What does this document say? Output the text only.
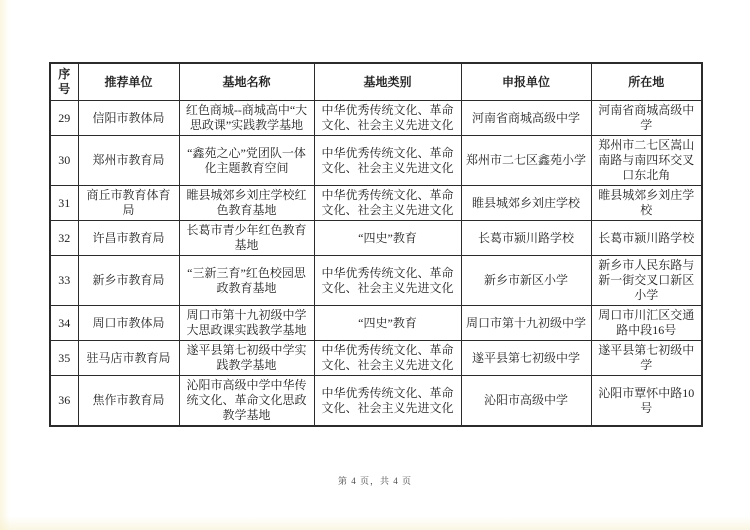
序号	推荐单位	基地名称	基地类别	申报单位	所在地
29	信阳市教体局	红色商城--商城高中“大思政课”实践教学基地	中华优秀传统文化、革命文化、社会主义先进文化	河南省商城高级中学	河南省商城高级中学
30	郑州市教育局	“鑫苑之心”党团队一体化主题教育空间	中华优秀传统文化、革命文化、社会主义先进文化	郑州市二七区鑫苑小学	郑州市二七区嵩山南路与南四环交叉口东北角
31	商丘市教育体育局	睢县城郊乡刘庄学校红色教育基地	中华优秀传统文化、革命文化、社会主义先进文化	睢县城郊乡刘庄学校	睢县城郊乡刘庄学校
32	许昌市教育局	长葛市青少年红色教育基地	“四史”教育	长葛市颍川路学校	长葛市颍川路学校
33	新乡市教育局	“三新三育”红色校园思政教育基地	中华优秀传统文化、革命文化、社会主义先进文化	新乡市新区小学	新乡市人民东路与新一街交叉口新区小学
34	周口市教体局	周口市第十九初级中学大思政课实践教学基地	“四史”教育	周口市第十九初级中学	周口市川汇区交通路中段16号
35	驻马店市教育局	遂平县第七初级中学实践教学基地	中华优秀传统文化、革命文化、社会主义先进文化	遂平县第七初级中学	遂平县第七初级中学
36	焦作市教育局	沁阳市高级中学中华传统文化、革命文化思政教学基地	中华优秀传统文化、革命文化、社会主义先进文化	沁阳市高级中学	沁阳市覃怀中路10号
第 4 页，共 4 页
